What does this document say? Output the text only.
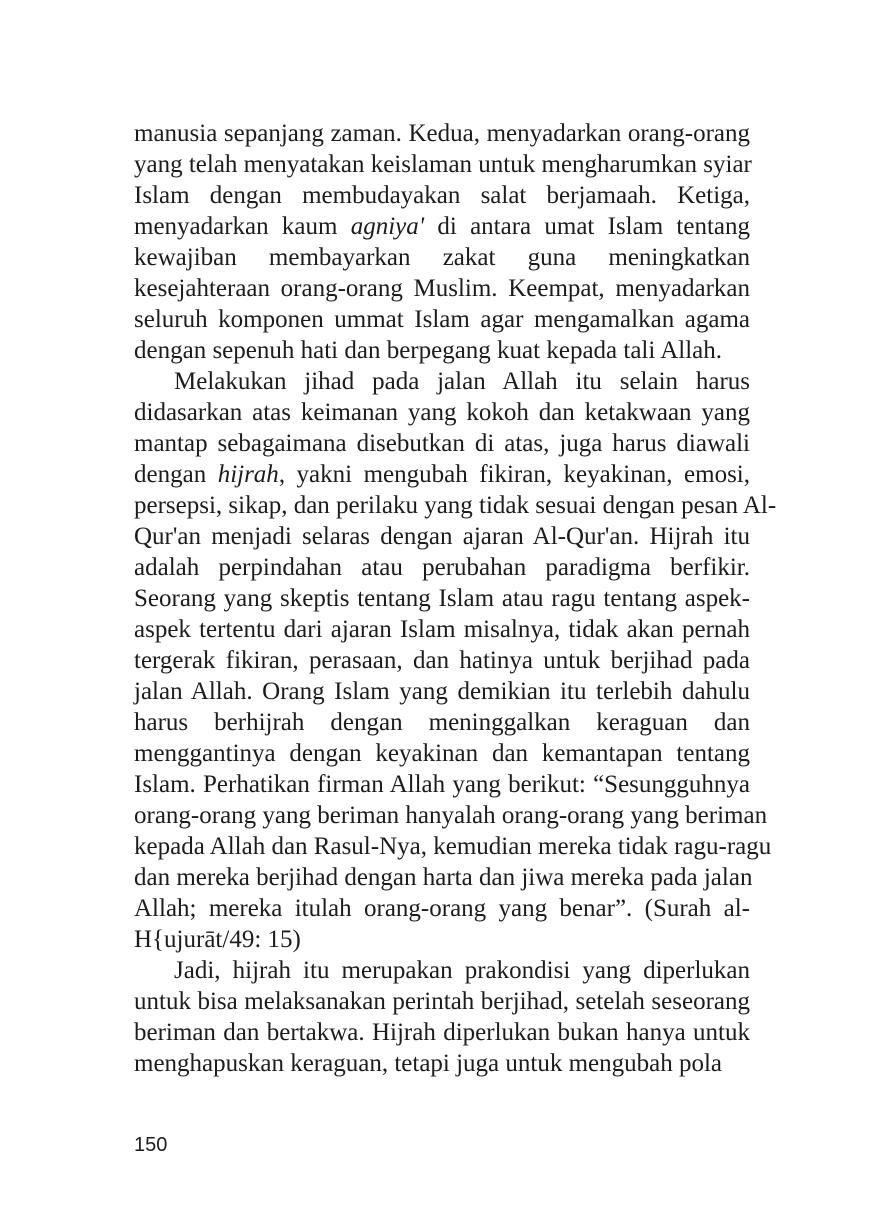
manusia sepanjang zaman. Kedua, menyadarkan orang-orang
yang telah menyatakan keislaman untuk mengharumkan syiar
Islam dengan membudayakan salat berjamaah. Ketiga,
menyadarkan kaum agniya' di antara umat Islam tentang
kewajiban membayarkan zakat guna meningkatkan
kesejahteraan orang-orang Muslim. Keempat, menyadarkan
seluruh komponen ummat Islam agar mengamalkan agama
dengan sepenuh hati dan berpegang kuat kepada tali Allah.
Melakukan jihad pada jalan Allah itu selain harus
didasarkan atas keimanan yang kokoh dan ketakwaan yang
mantap sebagaimana disebutkan di atas, juga harus diawali
dengan hijrah, yakni mengubah fikiran, keyakinan, emosi,
persepsi, sikap, dan perilaku yang tidak sesuai dengan pesan Al-
Qur'an menjadi selaras dengan ajaran Al-Qur'an. Hijrah itu
adalah perpindahan atau perubahan paradigma berfikir.
Seorang yang skeptis tentang Islam atau ragu tentang aspek-
aspek tertentu dari ajaran Islam misalnya, tidak akan pernah
tergerak fikiran, perasaan, dan hatinya untuk berjihad pada
jalan Allah. Orang Islam yang demikian itu terlebih dahulu
harus berhijrah dengan meninggalkan keraguan dan
menggantinya dengan keyakinan dan kemantapan tentang
Islam. Perhatikan firman Allah yang berikut: “Sesungguhnya
orang-orang yang beriman hanyalah orang-orang yang beriman
kepada Allah dan Rasul-Nya, kemudian mereka tidak ragu-ragu
dan mereka berjihad dengan harta dan jiwa mereka pada jalan
Allah; mereka itulah orang-orang yang benar”. (Surah al-
H{ujurāt/49: 15)
Jadi, hijrah itu merupakan prakondisi yang diperlukan
untuk bisa melaksanakan perintah berjihad, setelah seseorang
beriman dan bertakwa. Hijrah diperlukan bukan hanya untuk
menghapuskan keraguan, tetapi juga untuk mengubah pola
150
